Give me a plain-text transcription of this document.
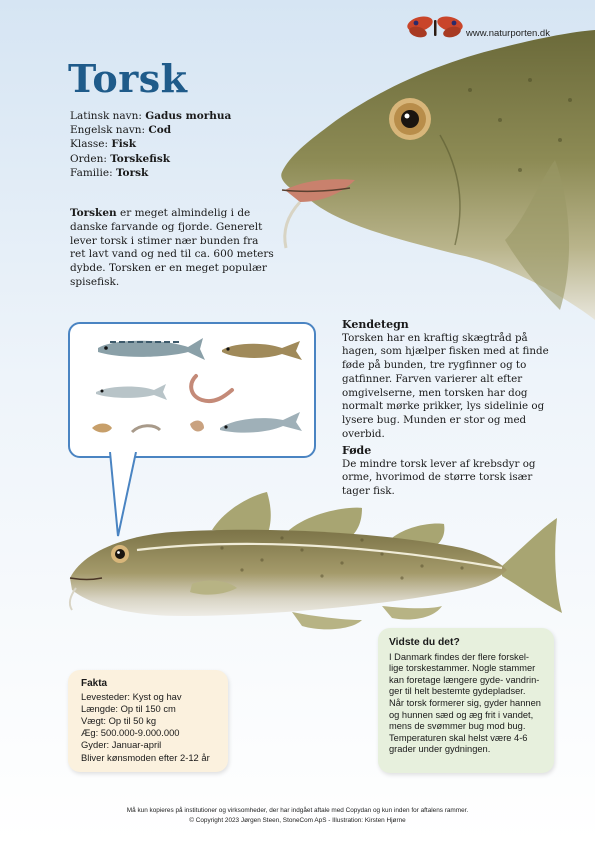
www.naturporten.dk
Torsk
Latinsk navn: Gadus morhua
Engelsk navn: Cod
Klasse: Fisk
Orden: Torskefisk
Familie: Torsk
Torsken er meget almindelig i de danske farvande og fjorde. Generelt lever torsk i stimer nær bunden fra ret lavt vand og ned til ca. 600 meters dybde. Torsken er en meget populær spisefisk.
Kendetegn
Torsken har en kraftig skægtråd på hagen, som hjælper fisken med at finde føde på bunden, tre rygfinner og to gatfinner. Farven varierer alt efter omgivelserne, men torsken har dog normalt mørke prikker, lys sidelinie og lysere bug. Munden er stor og med overbid.
Føde
De mindre torsk lever af krebsdyr og orme, hvorimod de større torsk især tager fisk.
Fakta
Levesteder: Kyst og hav
Længde: Op til 150 cm
Vægt: Op til 50 kg
Æg: 500.000-9.000.000
Gyder: Januar-april
Bliver kønsmoden efter 2-12 år
Vidste du det?
I Danmark findes der flere forskel-
lige torskestammer. Nogle stammer
kan foretage længere gyde- vandrin-
ger til helt bestemte gydepladser.
Når torsk formerer sig, gyder hannen
og hunnen sæd og æg frit i vandet,
mens de svømmer bug mod bug.
Temperaturen skal helst være 4-6
grader under gydningen.
Må kun kopieres på institutioner og virksomheder, der har indgået aftale med Copydan og kun inden for aftalens rammer.
© Copyright 2023 Jørgen Steen, StoneCom ApS - Illustration: Kirsten Hjørne
